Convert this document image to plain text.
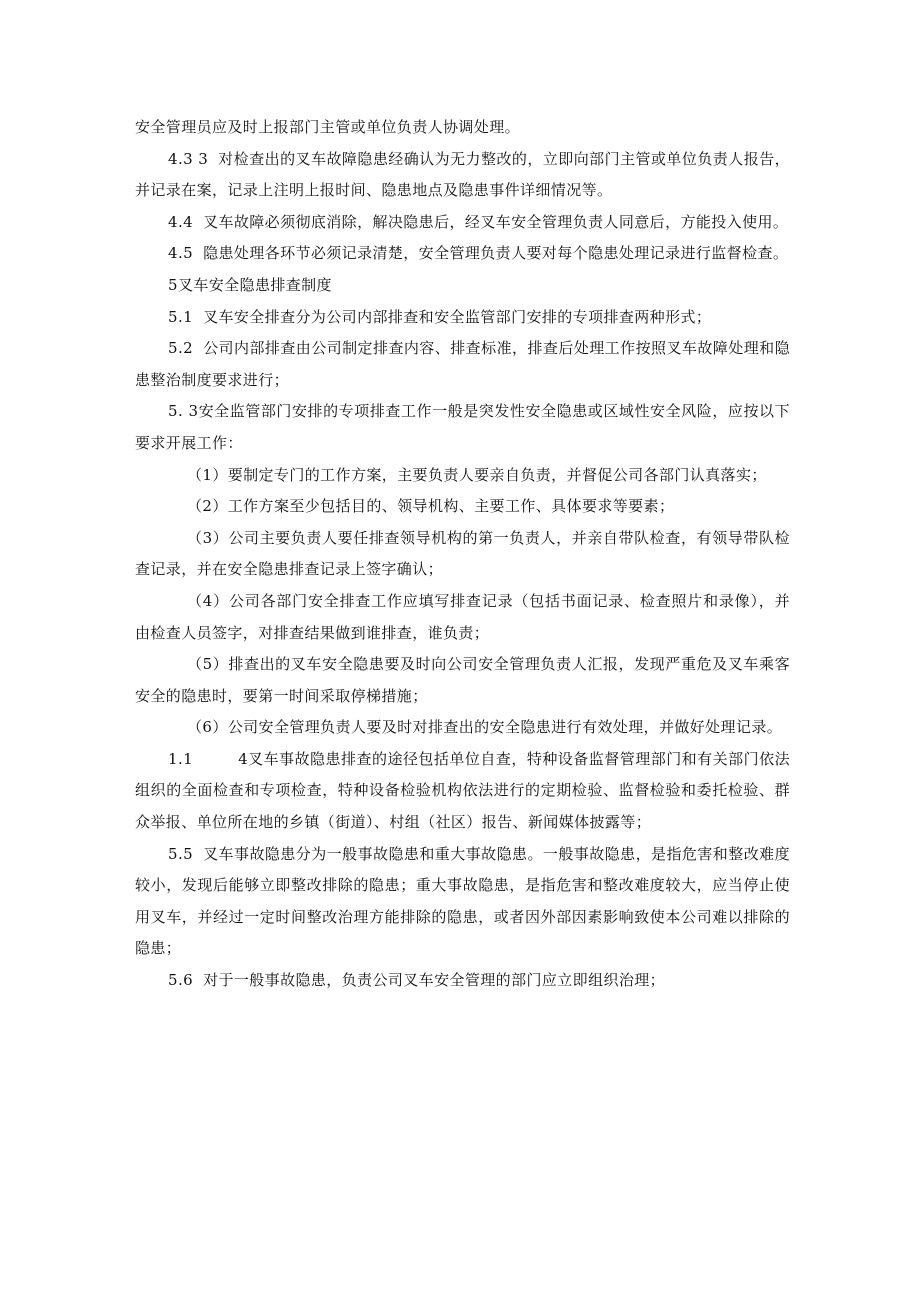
安全管理员应及时上报部门主管或单位负责人协调处理。

4.3 3 对检查出的叉车故障隐患经确认为无力整改的，立即向部门主管或单位负责人报告，并记录在案，记录上注明上报时间、隐患地点及隐患事件详细情况等。

4.4 叉车故障必须彻底消除，解决隐患后，经叉车安全管理负责人同意后，方能投入使用。

4.5 隐患处理各环节必须记录清楚，安全管理负责人要对每个隐患处理记录进行监督检查。

5叉车安全隐患排查制度

5.1 叉车安全排查分为公司内部排查和安全监管部门安排的专项排查两种形式；

5.2 公司内部排查由公司制定排查内容、排查标准，排查后处理工作按照叉车故障处理和隐患整治制度要求进行；

5. 3安全监管部门安排的专项排查工作一般是突发性安全隐患或区域性安全风险，应按以下要求开展工作：

（1）要制定专门的工作方案，主要负责人要亲自负责，并督促公司各部门认真落实；

（2）工作方案至少包括目的、领导机构、主要工作、具体要求等要素；

（3）公司主要负责人要任排查领导机构的第一负责人，并亲自带队检查，有领导带队检查记录，并在安全隐患排查记录上签字确认；

（4）公司各部门安全排查工作应填写排查记录（包括书面记录、检查照片和录像），并由检查人员签字，对排查结果做到谁排查，谁负责；

（5）排查出的叉车安全隐患要及时向公司安全管理负责人汇报，发现严重危及叉车乘客安全的隐患时，要第一时间采取停梯措施；

（6）公司安全管理负责人要及时对排查出的安全隐患进行有效处理，并做好处理记录。

1.1	4叉车事故隐患排查的途径包括单位自查，特种设备监督管理部门和有关部门依法组织的全面检查和专项检查，特种设备检验机构依法进行的定期检验、监督检验和委托检验、群众举报、单位所在地的乡镇（街道）、村组（社区）报告、新闻媒体披露等；

5.5 叉车事故隐患分为一般事故隐患和重大事故隐患。一般事故隐患，是指危害和整改难度较小，发现后能够立即整改排除的隐患；重大事故隐患，是指危害和整改难度较大，应当停止使用叉车，并经过一定时间整改治理方能排除的隐患，或者因外部因素影响致使本公司难以排除的隐患；

5.6 对于一般事故隐患，负责公司叉车安全管理的部门应立即组织治理；
